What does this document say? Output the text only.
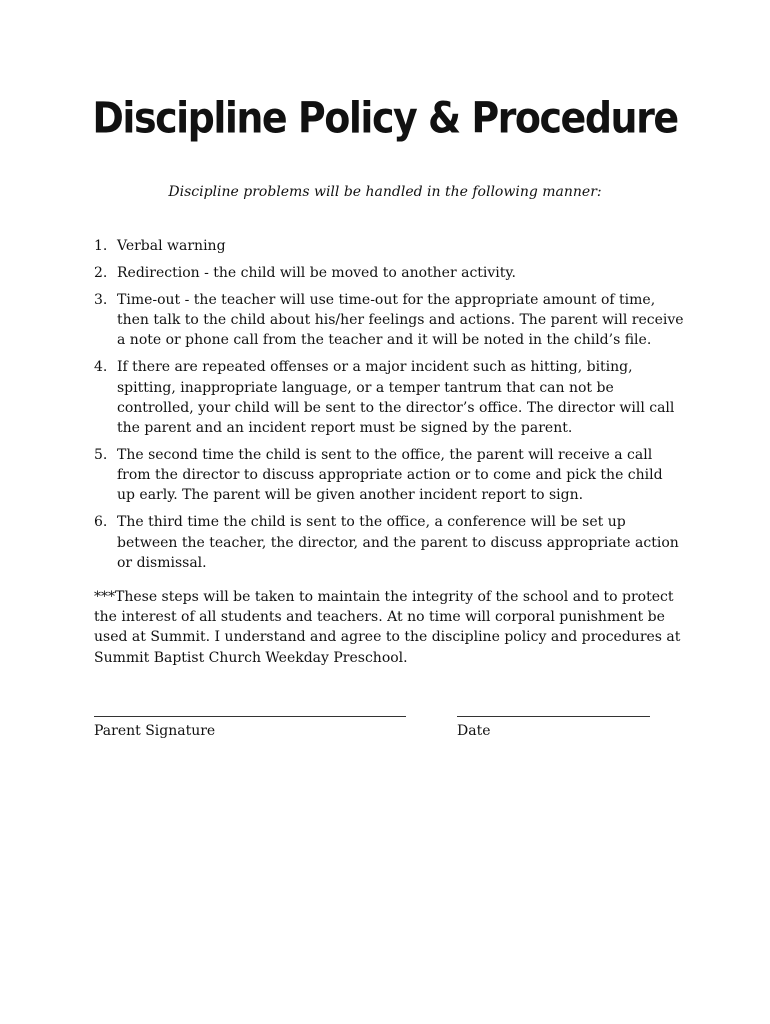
Discipline Policy & Procedure
Discipline problems will be handled in the following manner:
1. Verbal warning
2. Redirection - the child will be moved to another activity.
3. Time-out - the teacher will use time-out for the appropriate amount of time, then talk to the child about his/her feelings and actions. The parent will receive a note or phone call from the teacher and it will be noted in the child’s file.
4. If there are repeated offenses or a major incident such as hitting, biting, spitting, inappropriate language, or a temper tantrum that can not be controlled, your child will be sent to the director’s office. The director will call the parent and an incident report must be signed by the parent.
5. The second time the child is sent to the office, the parent will receive a call from the director to discuss appropriate action or to come and pick the child up early. The parent will be given another incident report to sign.
6. The third time the child is sent to the office, a conference will be set up between the teacher, the director, and the parent to discuss appropriate action or dismissal.

***These steps will be taken to maintain the integrity of the school and to protect the interest of all students and teachers. At no time will corporal punishment be used at Summit. I understand and agree to the discipline policy and procedures at Summit Baptist Church Weekday Preschool.

Parent Signature	Date
